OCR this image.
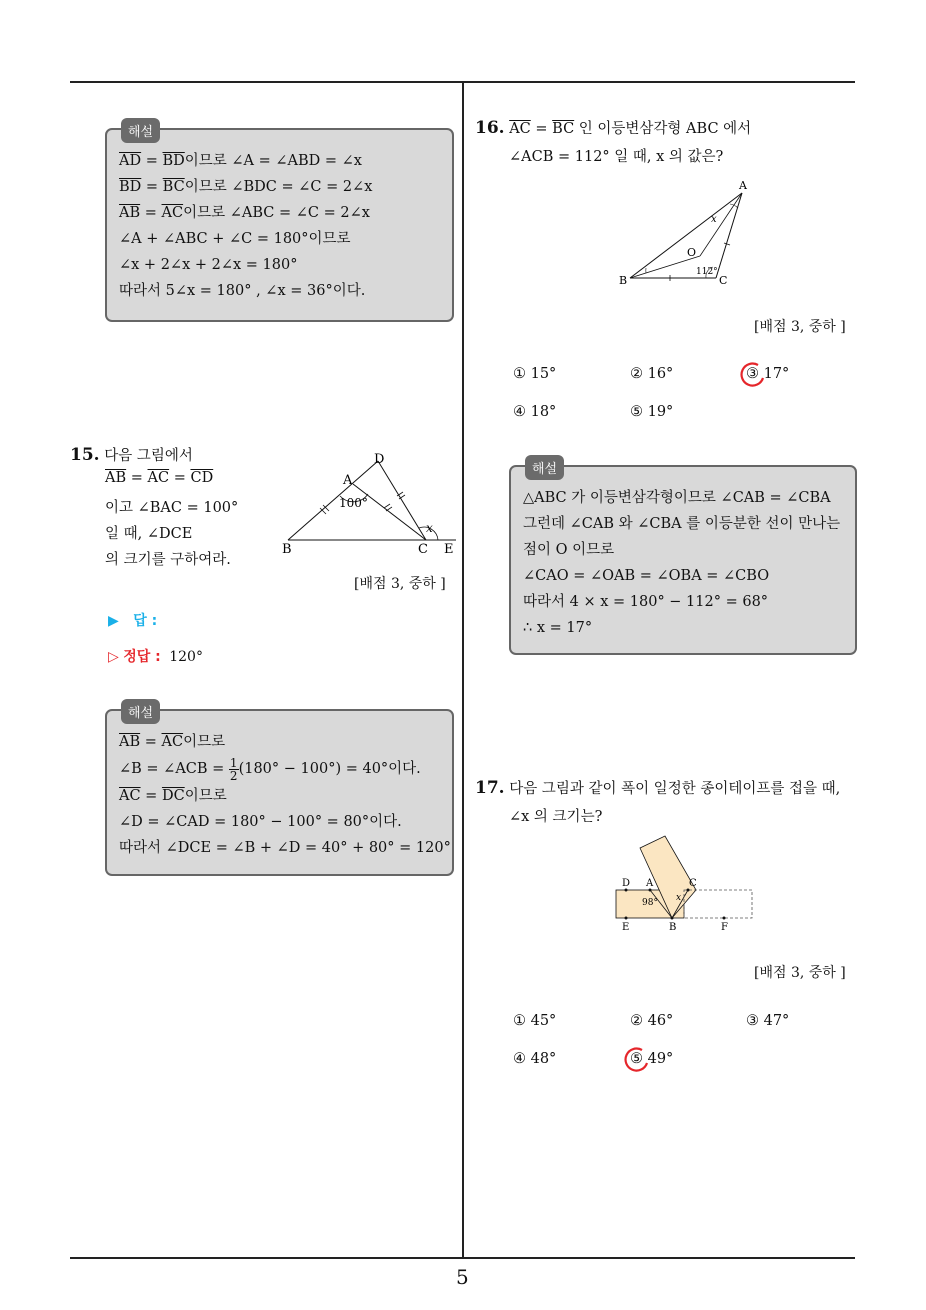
5
해설
$\overline{AD} = \overline{BD}$이므로 ∠A = ∠ABD = ∠x
$\overline{BD} = \overline{BC}$이므로 ∠BDC = ∠C = 2∠x
$\overline{AB} = \overline{AC}$이므로 ∠ABC = ∠C = 2∠x
∠A + ∠ABC + ∠C = 180°이므로
∠x + 2∠x + 2∠x = 180°
따라서 5∠x = 180° , ∠x = 36°이다.
15. 다음 그림에서
$\overline{AB} = \overline{AC} = \overline{CD}$
이고 ∠BAC = 100°
일 때, ∠DCE
의 크기를 구하여라.
D
A
100°
x
B	C E
[배점 3, 중하 ]
▶ 답 :
▷ 정답 : 120°
해설
$\overline{AB} = \overline{AC}$이므로
∠B = ∠ACB = $\frac{1}{2} (180^\circ - 100^\circ) = 40^\circ$이다.
$\overline{AC} = \overline{DC}$이므로
∠D = ∠CAD = 180° − 100° = 80°이다.
따라서 ∠DCE = ∠B + ∠D = 40° + 80° = 120°
16. $\overline{AC} = \overline{BC}$ 인 이등변삼각형 ABC 에서
∠ACB = 112° 일 때, x 의 값은?
A
x
O
112°
B	C
[배점 3, 중하 ]
① 15°	② 16°	③ 17°
④ 18°	⑤ 19°
해설
△ABC 가 이등변삼각형이므로 ∠CAB = ∠CBA
그런데 ∠CAB 와 ∠CBA 를 이등분한 선이 만나는
점이 O 이므로
∠CAO = ∠OAB = ∠OBA = ∠CBO
따라서 4 × x = 180° − 112° = 68°
∴ x = 17°
17. 다음 그림과 같이 폭이 일정한 종이테이프를 접을 때,
∠x 의 크기는?
D A	C
98° x
E	B	F
[배점 3, 중하 ]
① 45°	② 46°	③ 47°
④ 48°	⑤ 49°
